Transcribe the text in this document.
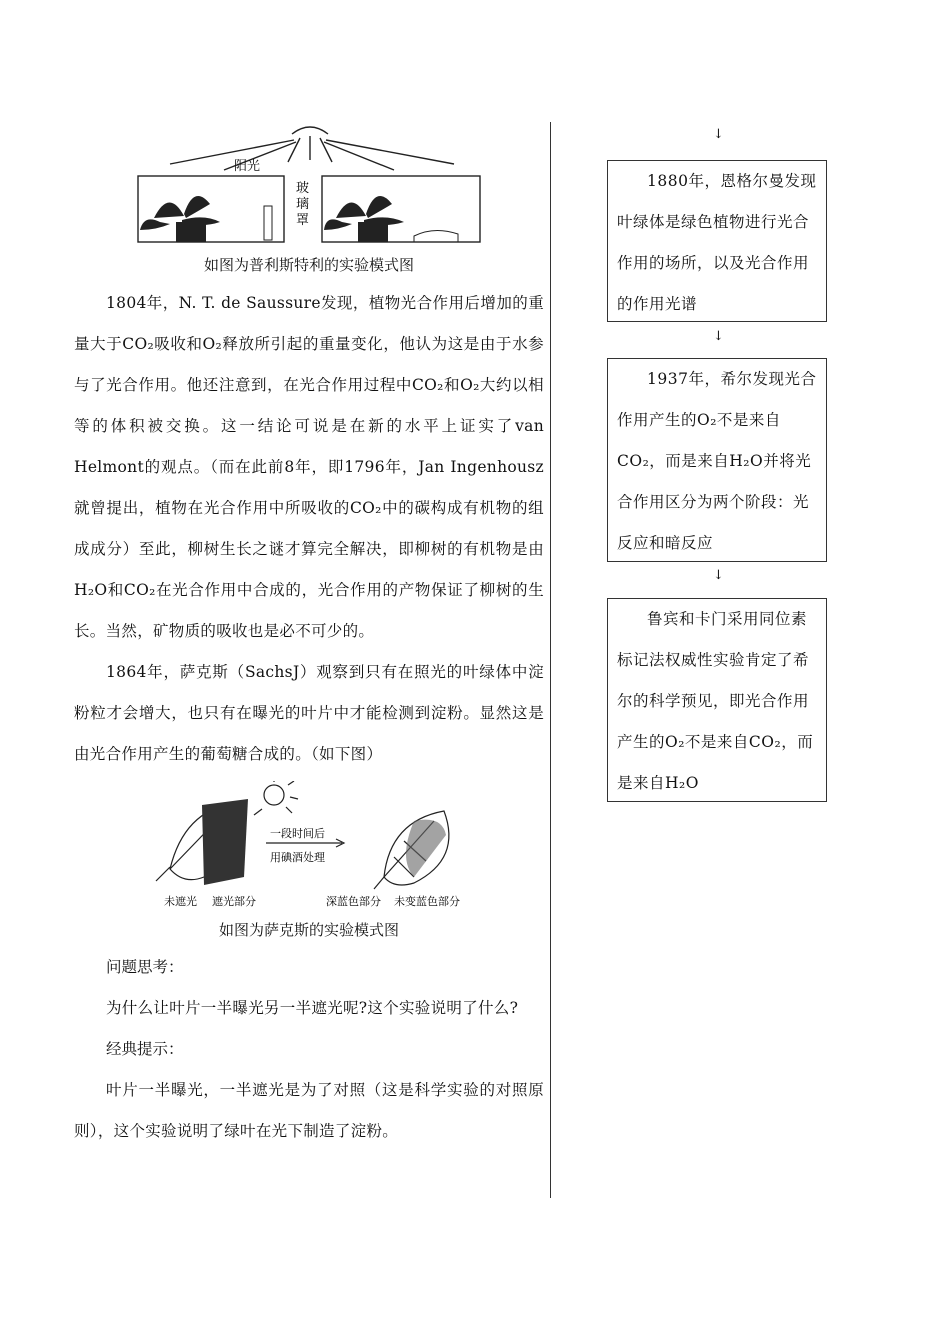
阳光
玻
璃
罩

如图为普利斯特利的实验模式图

1804年，N. T. de Saussure发现，植物光合作用后增加的重量大于CO₂吸收和O₂释放所引起的重量变化，他认为这是由于水参与了光合作用。他还注意到，在光合作用过程中CO₂和O₂大约以相等的体积被交换。这一结论可说是在新的水平上证实了van Helmont的观点。（而在此前8年，即1796年，Jan Ingenhousz就曾提出，植物在光合作用中所吸收的CO₂中的碳构成有机物的组成成分）至此，柳树生长之谜才算完全解决，即柳树的有机物是由H₂O和CO₂在光合作用中合成的，光合作用的产物保证了柳树的生长。当然，矿物质的吸收也是必不可少的。

1864年，萨克斯（SachsJ）观察到只有在照光的叶绿体中淀粉粒才会增大，也只有在曝光的叶片中才能检测到淀粉。显然这是由光合作用产生的葡萄糖合成的。（如下图）

一段时间后
用碘酒处理
未遮光 遮光部分	深蓝色部分 未变蓝色部分

如图为萨克斯的实验模式图

问题思考：

为什么让叶片一半曝光另一半遮光呢?这个实验说明了什么?

经典提示：

叶片一半曝光，一半遮光是为了对照（这是科学实验的对照原则），这个实验说明了绿叶在光下制造了淀粉。

↓

1880年，恩格尔曼发现叶绿体是绿色植物进行光合作用的场所，以及光合作用的作用光谱

↓

1937年，希尔发现光合作用产生的O₂不是来自CO₂，而是来自H₂O并将光合作用区分为两个阶段：光反应和暗反应

↓

鲁宾和卡门采用同位素标记法权威性实验肯定了希尔的科学预见，即光合作用产生的O₂不是来自CO₂，而是来自H₂O
